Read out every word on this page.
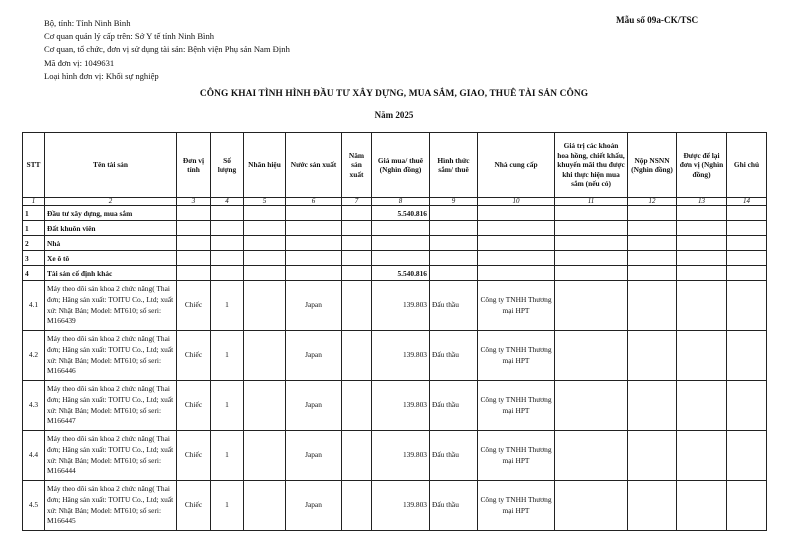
Bộ, tỉnh: Tỉnh Ninh Bình
Cơ quan quản lý cấp trên: Sở Y tế tỉnh Ninh Bình
Cơ quan, tổ chức, đơn vị sử dụng tài sản: Bệnh viện Phụ sản Nam Định
Mã đơn vị: 1049631
Loại hình đơn vị: Khối sự nghiệp
Mẫu số 09a-CK/TSC
CÔNG KHAI TÌNH HÌNH ĐẦU TƯ XÂY DỰNG, MUA SẮM, GIAO, THUÊ TÀI SẢN CÔNG
Năm 2025
STT	Tên tài sản	Đơn vị tính	Số lượng	Nhãn hiệu	Nước sản xuất	Năm sản xuất	Giá mua/ thuê (Nghìn đồng)	Hình thức sắm/ thuê	Nhà cung cấp	Giá trị các khoản hoa hồng, chiết khấu, khuyến mãi thu được khi thực hiện mua sắm (nếu có)	Nộp NSNN (Nghìn đồng)	Được để lại đơn vị (Nghìn đồng)	Ghi chú
1	2	3	4	5	6	7	8	9	10	11	12	13	14
1	Đầu tư xây dựng, mua sắm						5.540.816						
1	Đất khuôn viên												
2	Nhà												
3	Xe ô tô												
4	Tài sản cố định khác						5.540.816						
4.1	Máy theo dõi sản khoa 2 chức năng( Thai đơn; Hãng sản xuất: TOITU Co., Ltd; xuất xứ: Nhật Bản; Model: MT610; số seri: M166439	Chiếc	1		Japan		139.803	Đấu thầu	Công ty TNHH Thương mại HPT				
4.2	Máy theo dõi sản khoa 2 chức năng( Thai đơn; Hãng sản xuất: TOITU Co., Ltd; xuất xứ: Nhật Bản; Model: MT610; số seri: M166446	Chiếc	1		Japan		139.803	Đấu thầu	Công ty TNHH Thương mại HPT				
4.3	Máy theo dõi sản khoa 2 chức năng( Thai đơn; Hãng sản xuất: TOITU Co., Ltd; xuất xứ: Nhật Bản; Model: MT610; số seri: M166447	Chiếc	1		Japan		139.803	Đấu thầu	Công ty TNHH Thương mại HPT				
4.4	Máy theo dõi sản khoa 2 chức năng( Thai đơn; Hãng sản xuất: TOITU Co., Ltd; xuất xứ: Nhật Bản; Model: MT610; số seri: M166444	Chiếc	1		Japan		139.803	Đấu thầu	Công ty TNHH Thương mại HPT				
4.5	Máy theo dõi sản khoa 2 chức năng( Thai đơn; Hãng sản xuất: TOITU Co., Ltd; xuất xứ: Nhật Bản; Model: MT610; số seri: M166445	Chiếc	1		Japan		139.803	Đấu thầu	Công ty TNHH Thương mại HPT				
